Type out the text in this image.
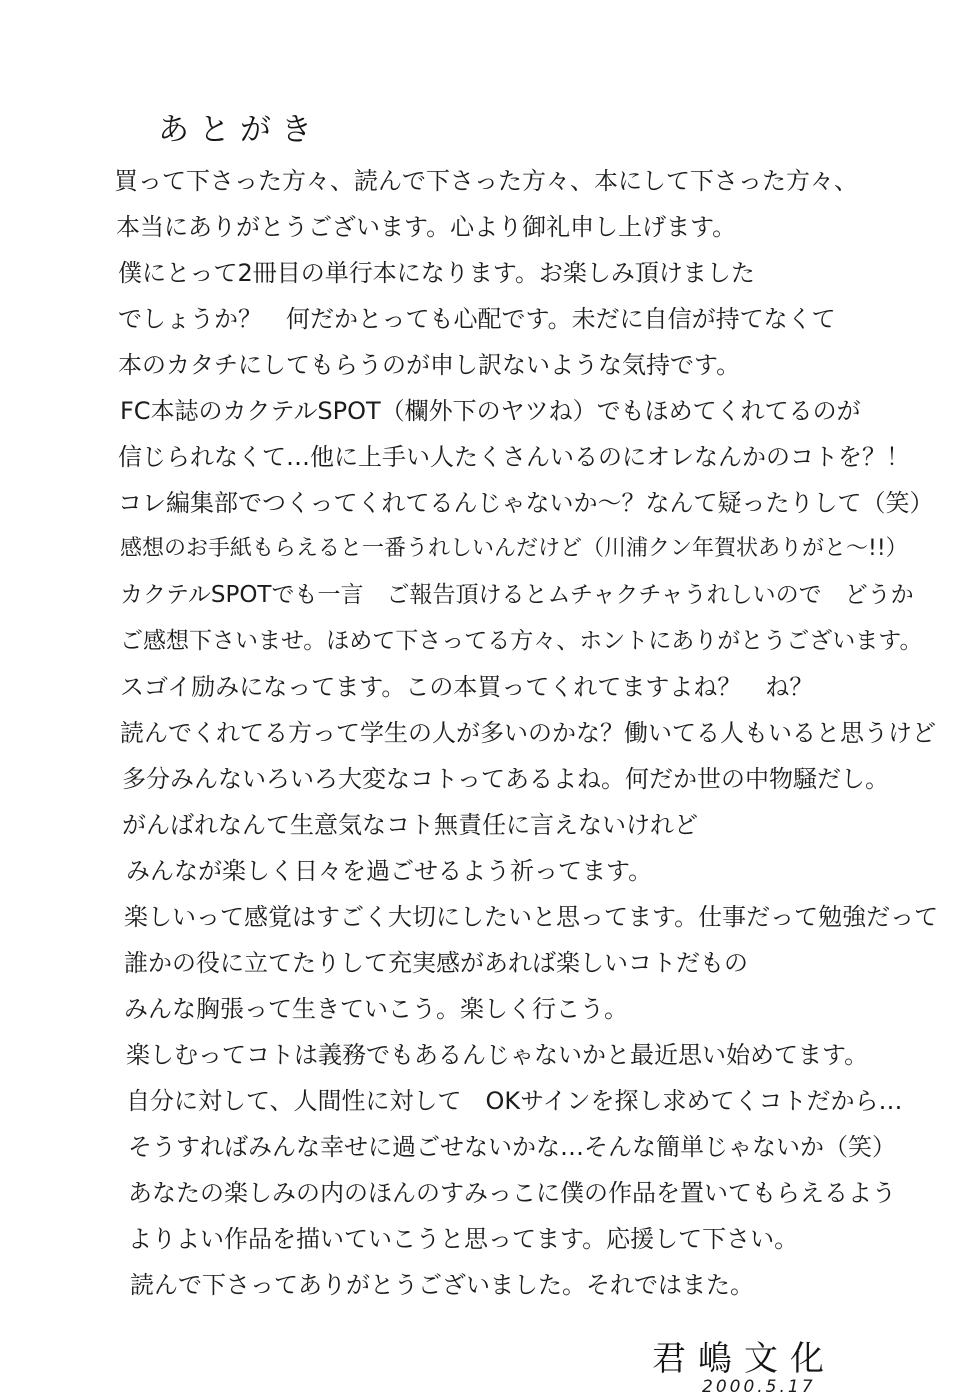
あとがき
買って下さった方々、読んで下さった方々、本にして下さった方々、
本当にありがとうございます。心より御礼申し上げます。
僕にとって2冊目の単行本になります。お楽しみ頂けました
でしょうか？　何だかとっても心配です。未だに自信が持てなくて
本のカタチにしてもらうのが申し訳ないような気持です。
FC本誌のカクテルSPOT（欄外下のヤツね）でもほめてくれてるのが
信じられなくて…他に上手い人たくさんいるのにオレなんかのコトを？！
コレ編集部でつくってくれてるんじゃないか〜？なんて疑ったりして（笑）
感想のお手紙もらえると一番うれしいんだけど（川浦クン年賀状ありがと〜!!）
カクテルSPOTでも一言　ご報告頂けるとムチャクチャうれしいので　どうか
ご感想下さいませ。ほめて下さってる方々、ホントにありがとうございます。
スゴイ励みになってます。この本買ってくれてますよね？　ね？
読んでくれてる方って学生の人が多いのかな？働いてる人もいると思うけど
多分みんないろいろ大変なコトってあるよね。何だか世の中物騒だし。
がんばれなんて生意気なコト無責任に言えないけれど
みんなが楽しく日々を過ごせるよう祈ってます。
楽しいって感覚はすごく大切にしたいと思ってます。仕事だって勉強だって
誰かの役に立てたりして充実感があれば楽しいコトだもの
みんな胸張って生きていこう。楽しく行こう。
楽しむってコトは義務でもあるんじゃないかと最近思い始めてます。
自分に対して、人間性に対して　OKサインを探し求めてくコトだから…
そうすればみんな幸せに過ごせないかな…そんな簡単じゃないか（笑）
あなたの楽しみの内のほんのすみっこに僕の作品を置いてもらえるよう
よりよい作品を描いていこうと思ってます。応援して下さい。
読んで下さってありがとうございました。それではまた。
君嶋文化
2000.5.17
